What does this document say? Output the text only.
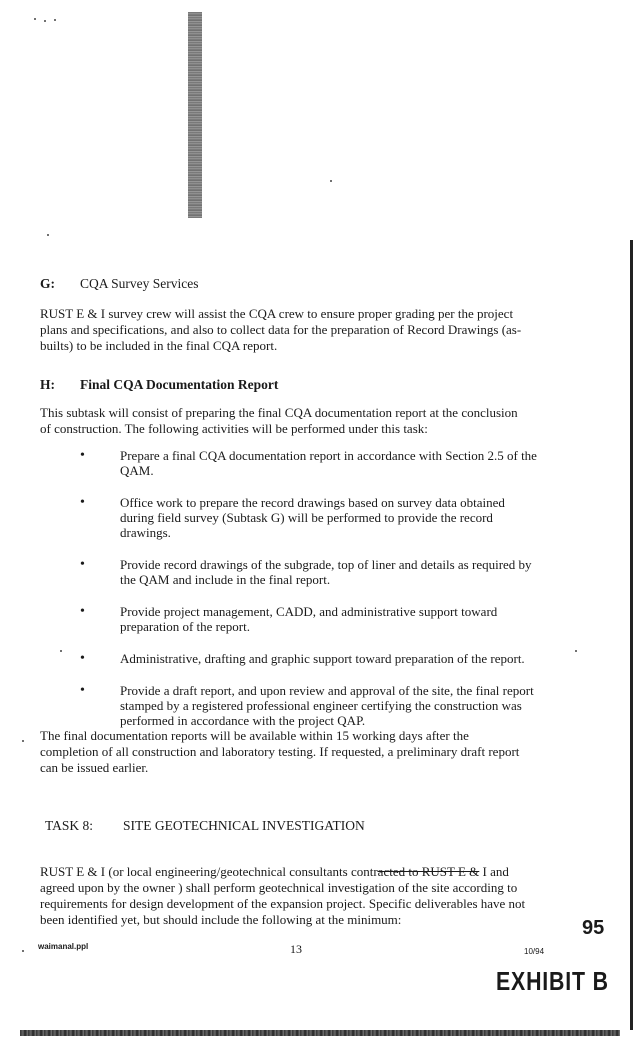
G: CQA Survey Services

RUST E & I survey crew will assist the CQA crew to ensure proper grading per the project plans and specifications, and also to collect data for the preparation of Record Drawings (as-builts) to be included in the final CQA report.

H: Final CQA Documentation Report

This subtask will consist of preparing the final CQA documentation report at the conclusion of construction. The following activities will be performed under this task:

•	Prepare a final CQA documentation report in accordance with Section 2.5 of the QAM.
•	Office work to prepare the record drawings based on survey data obtained during field survey (Subtask G) will be performed to provide the record drawings.
•	Provide record drawings of the subgrade, top of liner and details as required by the QAM and include in the final report.
•	Provide project management, CADD, and administrative support toward preparation of the report.
•	Administrative, drafting and graphic support toward preparation of the report.
•	Provide a draft report, and upon review and approval of the site, the final report stamped by a registered professional engineer certifying the construction was performed in accordance with the project QAP.

The final documentation reports will be available within 15 working days after the completion of all construction and laboratory testing. If requested, a preliminary draft report can be issued earlier.

TASK 8: SITE GEOTECHNICAL INVESTIGATION

RUST E & I (or local engineering/geotechnical consultants contracted to RUST E & I and agreed upon by the owner ) shall perform geotechnical investigation of the site according to requirements for design development of the expansion project. Specific deliverables have not been identified yet, but should include the following at the minimum:

waimanal.ppl	13	10/94
95
EXHIBIT B
